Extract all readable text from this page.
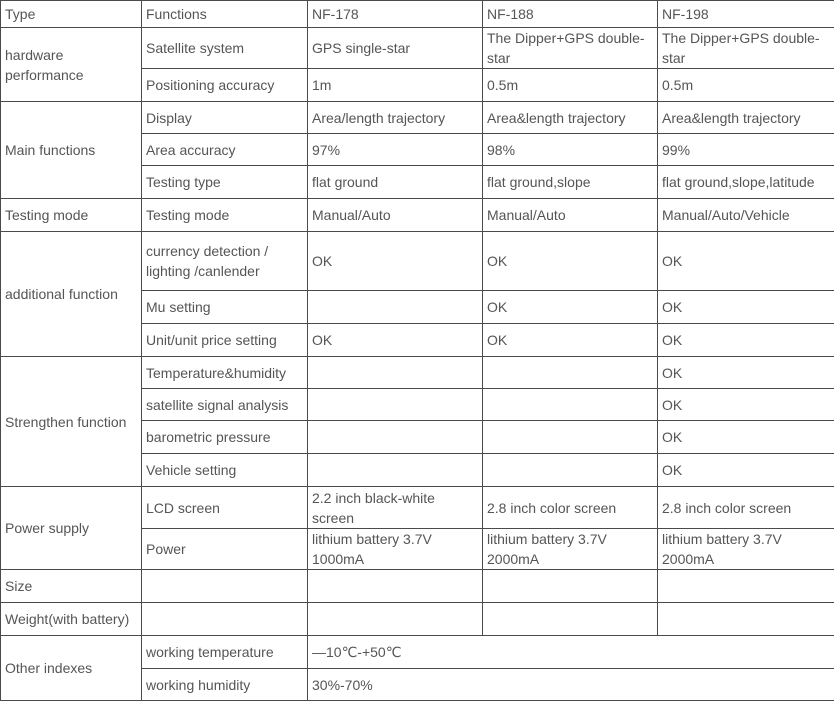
Type	Functions	NF-178	NF-188	NF-198
hardware performance	Satellite system	GPS single-star	The Dipper+GPS double-star	The Dipper+GPS double-star
	Positioning accuracy	1m	0.5m	0.5m
Main functions	Display	Area/length trajectory	Area&length trajectory	Area&length trajectory
	Area accuracy	97%	98%	99%
	Testing type	flat ground	flat ground,slope	flat ground,slope,latitude
Testing mode	Testing mode	Manual/Auto	Manual/Auto	Manual/Auto/Vehicle
additional function	currency detection / lighting /canlender	OK	OK	OK
	Mu setting		OK	OK
	Unit/unit price setting	OK	OK	OK
Strengthen function	Temperature&humidity			OK
	satellite signal analysis			OK
	barometric pressure			OK
	Vehicle setting			OK
Power supply	LCD screen	2.2 inch black-white screen	2.8 inch color screen	2.8 inch color screen
	Power	lithium battery 3.7V 1000mA	lithium battery 3.7V 2000mA	lithium battery 3.7V 2000mA
Size				
Weight(with battery)				
Other indexes	working temperature	—10℃-+50℃		
	working humidity	30%-70%		
